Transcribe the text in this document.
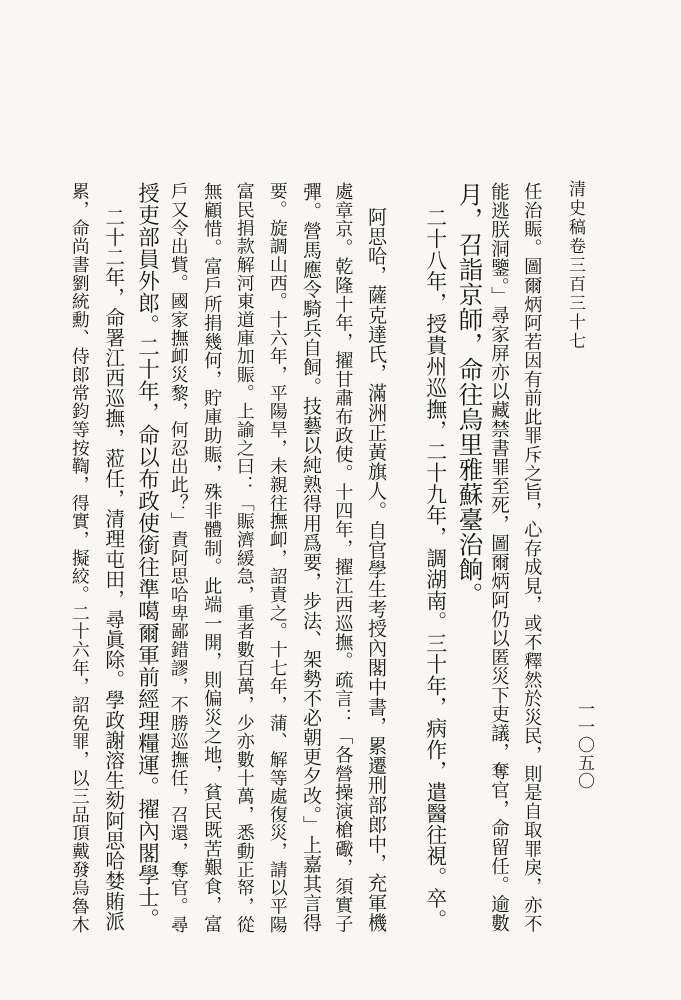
清史稿卷三百三十七
一一〇五〇
任治賑。圖爾炳阿若因有前此罪斥之旨，心存成見，或不釋然於災民，則是自取罪戾，亦不
能逃朕洞鑒。」尋家屏亦以藏禁書罪至死，圖爾炳阿仍以匿災下吏議，奪官，命留任。逾數
月，召詣京師，命往烏里雅蘇臺治餉。
二十八年，授貴州巡撫，二十九年，調湖南。三十年，病作，遣醫往視。卒。
阿思哈，薩克達氏，滿洲正黃旗人。自官學生考授內閣中書，累遷刑部郎中，充軍機
處章京。乾隆十年，擢甘肅布政使。十四年，擢江西巡撫。疏言：「各營操演槍礮，須實子
彈。營馬應令騎兵自飼。技藝以純熟得用爲要，步法、架勢不必朝更夕改。」上嘉其言得
要。旋調山西。十六年，平陽旱，未親往撫卹，詔責之。十七年，蒲、解等處復災，請以平陽
富民捐款解河東道庫加賑。上諭之曰：「賑濟緩急，重者數百萬，少亦數十萬，悉動正帑，從
無顧惜。富戶所捐幾何，貯庫助賑，殊非體制。此端一開，則偏災之地，貧民既苦艱食，富
戶又令出貲。國家撫卹災黎，何忍出此？」責阿思哈卑鄙錯謬，不勝巡撫任，召還，奪官。尋
授吏部員外郎。二十年，命以布政使銜往準噶爾軍前經理糧運。擢內閣學士。
二十二年，命署江西巡撫，蒞任，清理屯田，尋眞除。學政謝溶生劾阿思哈婪賄派
累，命尚書劉統勳、侍郎常鈞等按鞫，得實，擬絞。二十六年，詔免罪，以三品頂戴發烏魯木
